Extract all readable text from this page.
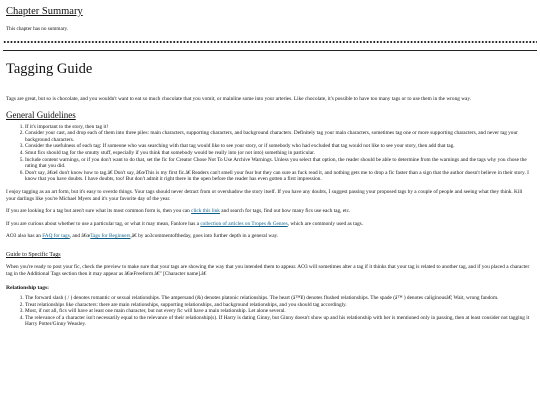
Chapter Summary

This chapter has no summary.

Tagging Guide

Tags are great, but so is chocolate, and you wouldn't want to eat so much chocolate that you vomit, or mainline some into your arteries. Like chocolate, it's possible to have too many tags or to use them in the wrong way.

General Guidelines
1. If it's important to the story, then tag it!
2. Consider your cast, and drop each of them into three piles: main characters, supporting characters, and background characters. Definitely tag your main characters, sometimes tag one or more supporting characters, and never tag your background characters.
3. Consider the usefulness of each tag: If someone who was searching with that tag would like to see your story, or if somebody who had excluded that tag would not like to see your story, then add that tag.
4. Smut fics should tag for the smutty stuff, especially if you think that somebody would be really into (or not into) something in particular.
5. Include content warnings, or if you don't want to do that, set the fic for Creator Chose Not To Use Archive Warnings. Unless you select that option, the reader should be able to determine from the warnings and the tags why you chose the rating that you did.
6. Don't say, â€œI don't know how to tag.â€ Don't say, â€œThis is my first fic.â€ Readers can't smell your fear but they can sure as fuck read it, and nothing gets me to drop a fic faster than a sign that the author doesn't believe in their story. I know that you have doubts. I have doubts, too! But don't admit it right there in the open before the reader has even gotten a first impression.

I enjoy tagging as an art form, but it's easy to overdo things. Your tags should never detract from or overshadow the story itself. If you have any doubts, I suggest passing your proposed tags by a couple of people and seeing what they think. Kill your darlings like you're Michael Myers and it's your favorite day of the year.

If you are looking for a tag but aren't sure what its most common form is, then you can click this link and search for tags, find out how many fics use each tag, etc.

If you are curious about whether to use a particular tag, or what it may mean, Fanlore has a collection of articles on Tropes & Genres, which are commonly used as tags.

AO3 also has an FAQ for tags, and â€œTags for Beginners,â€ by ao3commentoftheday, goes into further depth in a general way.

Guide to Specific Tags

When you're ready to post your fic, check the preview to make sure that your tags are showing the way that you intended them to appear. AO3 will sometimes alter a tag if it thinks that your tag is related to another tag, and if you placed a character tag in the Additional Tags section then it may appear as â€œFreeform â€” [Character name].â€

Relationship tags:
1. The forward slash ( / ) denotes romantic or sexual relationships. The ampersand (&) denotes platonic relationships. The heart (â™¥) denotes flushed relationships. The spade (â™ ) denotes caliginousâ€¦ Wait, wrong fandom.
2. Treat relationships like characters: there are main relationships, supporting relationships, and background relationships, and you should tag accordingly.
3. Most, if not all, fics will have at least one main character, but not every fic will have a main relationship. Let alone several.
4. The relevance of a character isn't necessarily equal to the relevance of their relationship(s). If Harry is dating Ginny, but Ginny doesn't show up and his relationship with her is mentioned only in passing, then at least consider not tagging it Harry Potter/Ginny Weasley.
